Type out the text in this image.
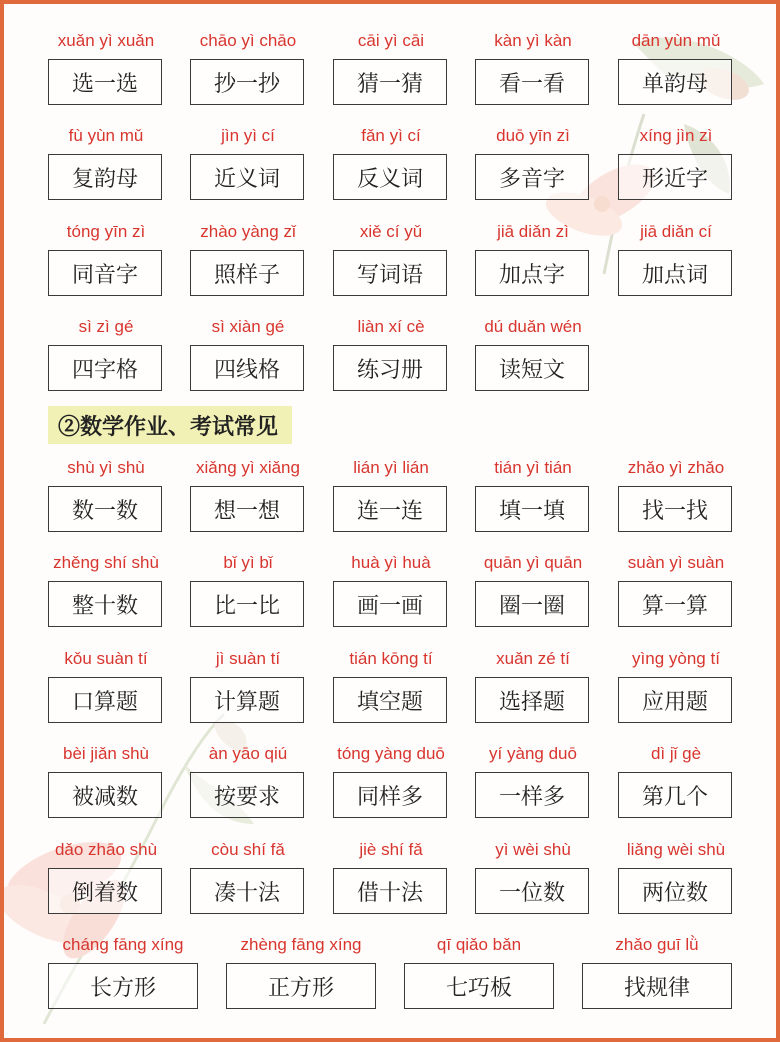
xuǎn yì xuǎn
选一选
chāo yì chāo
抄一抄
cāi yì cāi
猜一猜
kàn yì kàn
看一看
dān yùn mǔ
单韵母
fù yùn mǔ
复韵母
jìn yì cí
近义词
fǎn yì cí
反义词
duō yīn zì
多音字
xíng jìn zì
形近字
tóng yīn zì
同音字
zhào yàng zǐ
照样子
xiě cí yǔ
写词语
jiā diǎn zì
加点字
jiā diǎn cí
加点词
sì zì gé
四字格
sì xiàn gé
四线格
liàn xí cè
练习册
dú duǎn wén
读短文
②数学作业、考试常见
shù yì shù
数一数
xiǎng yì xiǎng
想一想
lián yì lián
连一连
tián yì tián
填一填
zhǎo yì zhǎo
找一找
zhěng shí shù
整十数
bǐ yì bǐ
比一比
huà yì huà
画一画
quān yì quān
圈一圈
suàn yì suàn
算一算
kǒu suàn tí
口算题
jì suàn tí
计算题
tián kōng tí
填空题
xuǎn zé tí
选择题
yìng yòng tí
应用题
bèi jiǎn shù
被减数
àn yāo qiú
按要求
tóng yàng duō
同样多
yí yàng duō
一样多
dì jǐ gè
第几个
dǎo zhāo shù
倒着数
còu shí fǎ
凑十法
jiè shí fǎ
借十法
yì wèi shù
一位数
liǎng wèi shù
两位数
cháng fāng xíng
长方形
zhèng fāng xíng
正方形
qī qiǎo bǎn
七巧板
zhǎo guī lǜ
找规律
